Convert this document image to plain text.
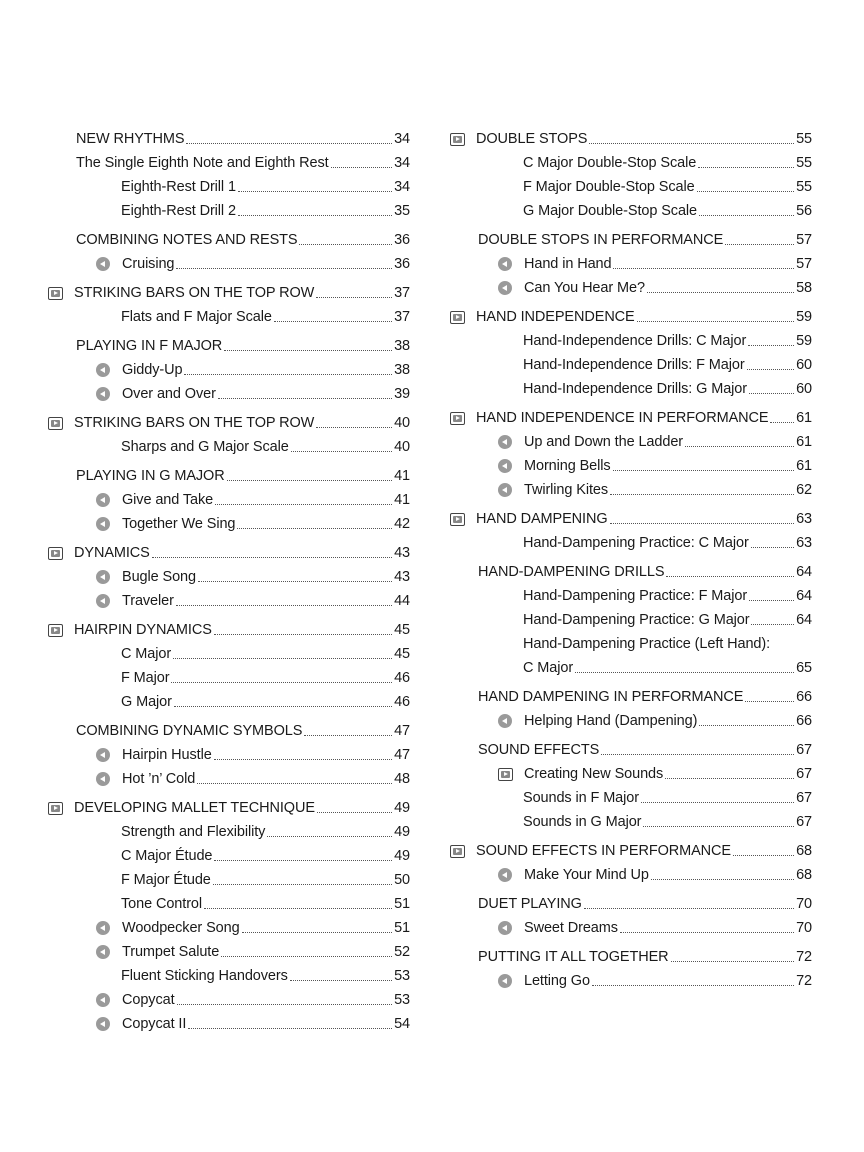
NEW RHYTHMS	34
The Single Eighth Note and Eighth Rest	34
Eighth-Rest Drill 1	34
Eighth-Rest Drill 2	35
COMBINING NOTES AND RESTS	36
Cruising	36
STRIKING BARS ON THE TOP ROW	37
Flats and F Major Scale	37
PLAYING IN F MAJOR	38
Giddy-Up	38
Over and Over	39
STRIKING BARS ON THE TOP ROW	40
Sharps and G Major Scale	40
PLAYING IN G MAJOR	41
Give and Take	41
Together We Sing	42
DYNAMICS	43
Bugle Song	43
Traveler	44
HAIRPIN DYNAMICS	45
C Major	45
F Major	46
G Major	46
COMBINING DYNAMIC SYMBOLS	47
Hairpin Hustle	47
Hot ’n’ Cold	48
DEVELOPING MALLET TECHNIQUE	49
Strength and Flexibility	49
C Major Étude	49
F Major Étude	50
Tone Control	51
Woodpecker Song	51
Trumpet Salute	52
Fluent Sticking Handovers	53
Copycat	53
Copycat II	54
DOUBLE STOPS	55
C Major Double-Stop Scale	55
F Major Double-Stop Scale	55
G Major Double-Stop Scale	56
DOUBLE STOPS IN PERFORMANCE	57
Hand in Hand	57
Can You Hear Me?	58
HAND INDEPENDENCE	59
Hand-Independence Drills: C Major	59
Hand-Independence Drills: F Major	60
Hand-Independence Drills: G Major	60
HAND INDEPENDENCE IN PERFORMANCE 61
Up and Down the Ladder	61
Morning Bells	61
Twirling Kites	62
HAND DAMPENING	63
Hand-Dampening Practice: C Major	63
HAND-DAMPENING DRILLS	64
Hand-Dampening Practice: F Major	64
Hand-Dampening Practice: G Major	64
Hand-Dampening Practice (Left Hand):
C Major	65
HAND DAMPENING IN PERFORMANCE	66
Helping Hand (Dampening)	66
SOUND EFFECTS	67
Creating New Sounds	67
Sounds in F Major	67
Sounds in G Major	67
SOUND EFFECTS IN PERFORMANCE	68
Make Your Mind Up	68
DUET PLAYING	70
Sweet Dreams	70
PUTTING IT ALL TOGETHER	72
Letting Go	72
